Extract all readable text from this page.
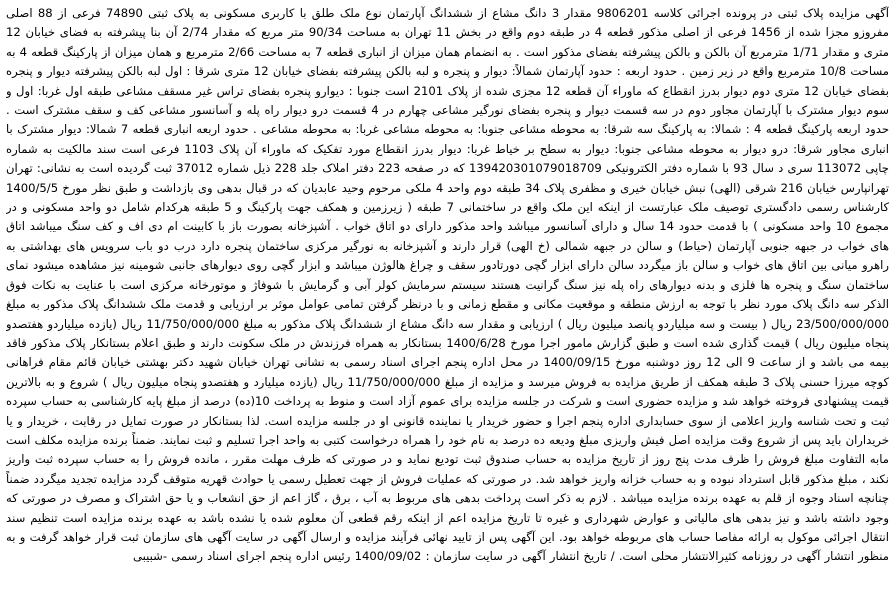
آگهی مزایده پلاک ثبتی در پرونده اجرائی کلاسه 9806201 مقدار 3 دانگ مشاع از ششدانگ آپارتمان نوع ملک طلق با کاربری مسکونی به پلاک ثبتی 74890 فرعی از 88 اصلی مفروزو مجزا شده از 1456 فرعی از اصلی مذکور قطعه 4 در طبقه دوم واقع در بخش 11 تهران به مساحت 90/34 متر مربع که مقدار 2/74 آن بنا پیشرفته به فضای خیابان 12 متری و مقدار 1/71 مترمربع آن بالکن و بالکن پیشرفته بفضای مذکور است . به انضمام همان میزان از انباری قطعه 7 به مساحت 2/66 مترمربع و همان میزان از پارکینگ قطعه 4 به مساحت 10/8 مترمربع واقع در زیر زمین . حدود اربعه : حدود آپارتمان شمالاً: دیوار و پنجره و لبه بالکن پیشرفته بفضای خیابان 12 متری شرقا : اول لبه بالکن پیشرفته دیوار و پنجره بفضای خیابان 12 متری دوم دیوار بدرز انقطاع که ماوراء آن قطعه 12 مجزی شده از پلاک 2101 است جنوبا : دیوارو پنجره بفضای تراس غیر مسقف مشاعی طبقه اول غربا: اول و سوم دیوار مشترک با آپارتمان مجاور دوم در سه قسمت دیوار و پنجره بفضای نورگیر مشاعی چهارم در 4 قسمت درو دیوار راه پله و آسانسور مشاعی کف و سقف مشترک است . حدود اربعه پارکینگ قطعه 4 : شمالا: به پارکینگ سه شرقا: به محوطه مشاعی جنوبا: به محوطه مشاعی غربا: به محوطه مشاعی . حدود اربعه انباری قطعه 7 شمالا: دیوار مشترک با انباری مجاور شرقا: درو دیوار به محوطه مشاعی جنوبا: دیوار به سطح بر خیاط غربا: دیوار بدرز انقطاع مورد تفکیک که ماوراء آن پلاک 1103 فرعی است سند مالکیت به شماره چاپی 113072 سری د سال 93 با شماره دفتر الکترونیکی 139420301079018709 که در صفحه 223 دفتر املاک جلد 228 ذیل شماره 37012 ثبت گردیده است به نشانی: تهران تهرانپارس خیابان 216 شرقی (الهی) نبش خیابان خیری و مظفری پلاک 34 طبقه دوم واحد 4 ملکی مرحوم وحید عابدیان که در قبال بدهی وی بازداشت و طبق نظر مورخ 1400/5/5 کارشناس رسمی دادگستری توصیف ملک عبارتست از اینکه این ملک واقع در ساختمانی 7 طبقه ( زیرزمین و همکف جهت پارکینگ و 5 طبقه هرکدام شامل دو واحد مسکونی و در مجموع 10 واحد مسکونی ) با قدمت حدود 14 سال و دارای آسانسور میباشد واحد مذکور دارای دو اتاق خواب . آشپزخانه بصورت باز با کابینت ام دی اف و کف سنگ میباشد اتاق های خواب در جبهه جنوبی آپارتمان (حیاط) و سالن در جبهه شمالی (خ الهی) قرار دارند و آشپزخانه به نورگیر مرکزی ساختمان پنجره دارد درب دو باب سرویس های بهداشتی به راهرو میانی بین اتاق های خواب و سالن باز میگردد سالن دارای ابزار گچی دورتادور سقف و چراغ هالوژن میباشد و ابزار گچی روی دیوارهای جانبی شومینه نیز مشاهده میشود نمای ساختمان سنگ و پنجره ها فلزی و بدنه دیوارهای راه پله نیز سنگ گرانیت هستند سیستم سرمایش کولر آبی و گرمایش با شوفاژ و موتورخانه مرکزی است با عنایت به نکات فوق الذکر سه دانگ پلاک مورد نظر با توجه به ارزش منطقه و موقعیت مکانی و مقطع زمانی و با درنظر گرفتن تمامی عوامل موثر بر ارزیابی و قدمت ملک ششدانگ پلاک مذکور به مبلغ 23/500/000/000 ریال ( بیست و سه میلیاردو پانصد میلیون ریال ) ارزیابی و مقدار سه دانگ مشاع از ششدانگ پلاک مذکور به مبلغ 11/750/000/000 ریال (یازده میلیاردو هفتصدو پنجاه میلیون ریال ) قیمت گذاری شده است و طبق گزارش مامور اجرا مورخ 1400/6/28 بستانکار به همراه فرزندش در ملک سکونت دارند و طبق اعلام بستانکار پلاک مذکور فاقد بیمه می باشد و از ساعت 9 الی 12 روز دوشنبه مورخ 1400/09/15 در محل اداره پنجم اجرای اسناد رسمی به نشانی تهران خیابان شهید دکتر بهشتی خیابان قائم مقام فراهانی کوچه میرزا حسنی پلاک 3 طبقه همکف از طریق مزایده به فروش میرسد و مزایده از مبلغ 11/750/000/000 ریال (یازده میلیارد و هفتصدو پنجاه میلیون ریال ) شروع و به بالاترین قیمت پیشنهادی فروخته خواهد شد و مزایده حضوری است و شرکت در جلسه مزایده برای عموم آزاد است و منوط به پرداخت 10(ده) درصد از مبلغ پایه کارشناسی به حساب سپرده ثبت و تحت شناسه واریز اعلامی از سوی حسابداری اداره پنجم اجرا و حضور خریدار یا نماینده قانونی او در جلسه مزایده است. لذا بستانکار در صورت تمایل در رقابت ، خریدار و یا خریداران باید پس از شروع وقت مزایده اصل فیش واریزی مبلغ ودیعه ده درصد به نام خود را همراه درخواست کتبی به واحد اجرا تسلیم و ثبت نمایند. ضمناً برنده مزایده مکلف است مابه التفاوت مبلغ فروش را ظرف مدت پنج روز از تاریخ مزایده به حساب صندوق ثبت تودیع نماید و در صورتی که ظرف مهلت مقرر ، مانده فروش را به حساب سپرده ثبت واریز نکند ، مبلغ مذکور قابل استرداد نبوده و به حساب خزانه واریز خواهد شد. در صورتی که عملیات فروش از جهت تعطیل رسمی یا حوادث قهریه متوقف گردد مزایده تجدید میگردد ضمناً چنانچه اسناد وجوه از قلم به عهده برنده مزایده میباشد . لازم به ذکر است پرداخت بدهی های مربوط به آب ، برق ، گاز اعم از حق انشعاب و یا حق اشتراک و مصرف در صورتی که وجود داشته باشد و نیز بدهی های مالیاتی و عوارض شهرداری و غیره تا تاریخ مزایده اعم از اینکه رقم قطعی آن معلوم شده یا نشده باشد به عهده برنده مزایده است تنظیم سند انتقال اجرائی موکول به ارائه مفاصا حساب های مربوطه خواهد بود. این آگهی پس از تایید نهائی فرآیند مزایده و ارسال آگهی در سایت آگهی های سازمان ثبت قرار خواهد گرفت و به منظور انتشار آگهی در روزنامه کثیرالانتشار محلی است. / تاریخ انتشار آگهی در سایت سازمان : 1400/09/02 رئیس اداره پنجم اجرای اسناد رسمی -شبیبی
